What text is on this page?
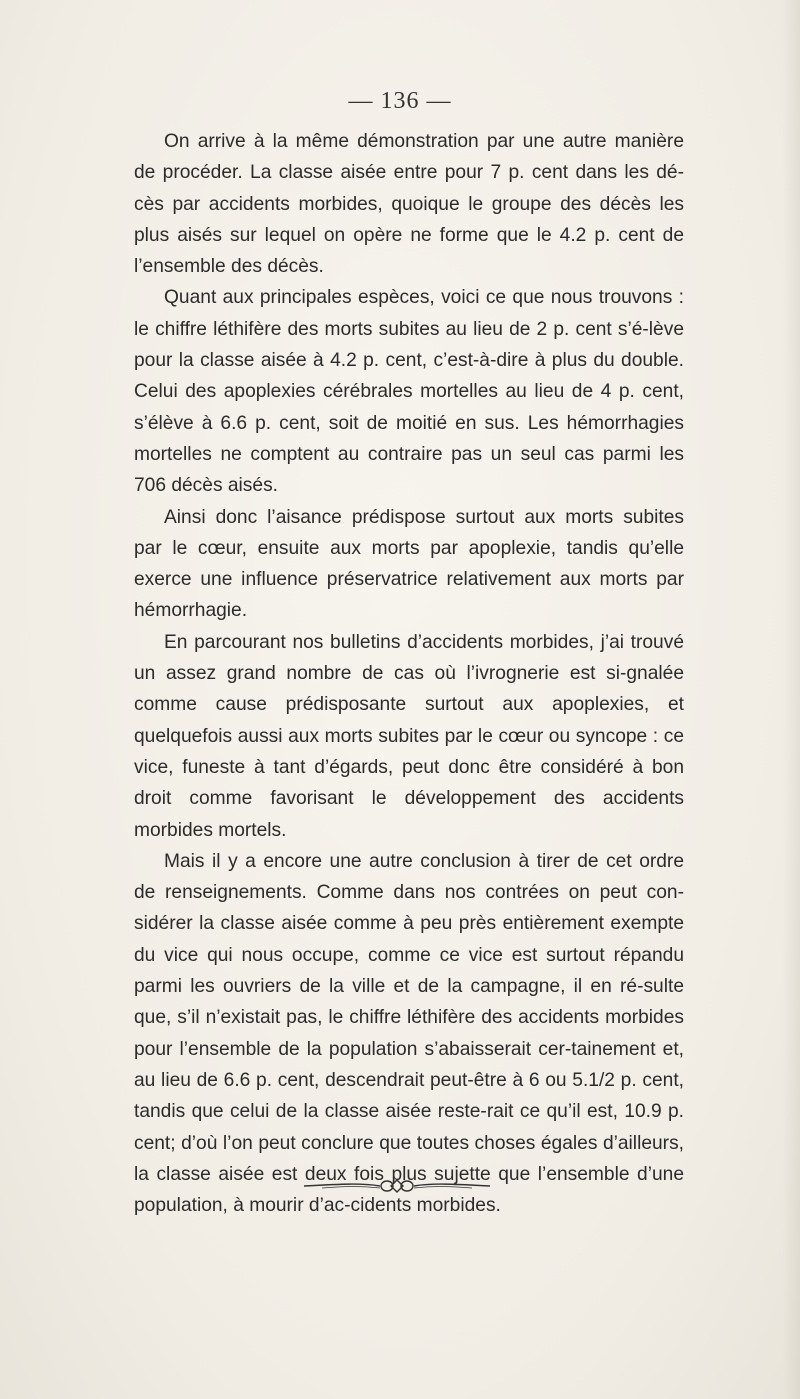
— 136 —

On arrive à la même démonstration par une autre manière de procéder. La classe aisée entre pour 7 p. cent dans les dé-cès par accidents morbides, quoique le groupe des décès les plus aisés sur lequel on opère ne forme que le 4.2 p. cent de l’ensemble des décès.

Quant aux principales espèces, voici ce que nous trouvons : le chiffre léthifère des morts subites au lieu de 2 p. cent s’é-lève pour la classe aisée à 4.2 p. cent, c’est-à-dire à plus du double. Celui des apoplexies cérébrales mortelles au lieu de 4 p. cent, s’élève à 6.6 p. cent, soit de moitié en sus. Les hémorrhagies mortelles ne comptent au contraire pas un seul cas parmi les 706 décès aisés.

Ainsi donc l’aisance prédispose surtout aux morts subites par le cœur, ensuite aux morts par apoplexie, tandis qu’elle exerce une influence préservatrice relativement aux morts par hémorrhagie.

En parcourant nos bulletins d’accidents morbides, j’ai trouvé un assez grand nombre de cas où l’ivrognerie est si-gnalée comme cause prédisposante surtout aux apoplexies, et quelquefois aussi aux morts subites par le cœur ou syncope : ce vice, funeste à tant d’égards, peut donc être considéré à bon droit comme favorisant le développement des accidents morbides mortels.

Mais il y a encore une autre conclusion à tirer de cet ordre de renseignements. Comme dans nos contrées on peut con-sidérer la classe aisée comme à peu près entièrement exempte du vice qui nous occupe, comme ce vice est surtout répandu parmi les ouvriers de la ville et de la campagne, il en ré-sulte que, s’il n’existait pas, le chiffre léthifère des accidents morbides pour l’ensemble de la population s’abaisserait cer-tainement et, au lieu de 6.6 p. cent, descendrait peut-être à 6 ou 5.1/2 p. cent, tandis que celui de la classe aisée reste-rait ce qu’il est, 10.9 p. cent; d’où l’on peut conclure que toutes choses égales d’ailleurs, la classe aisée est deux fois plus sujette que l’ensemble d’une population, à mourir d’ac-cidents morbides.
